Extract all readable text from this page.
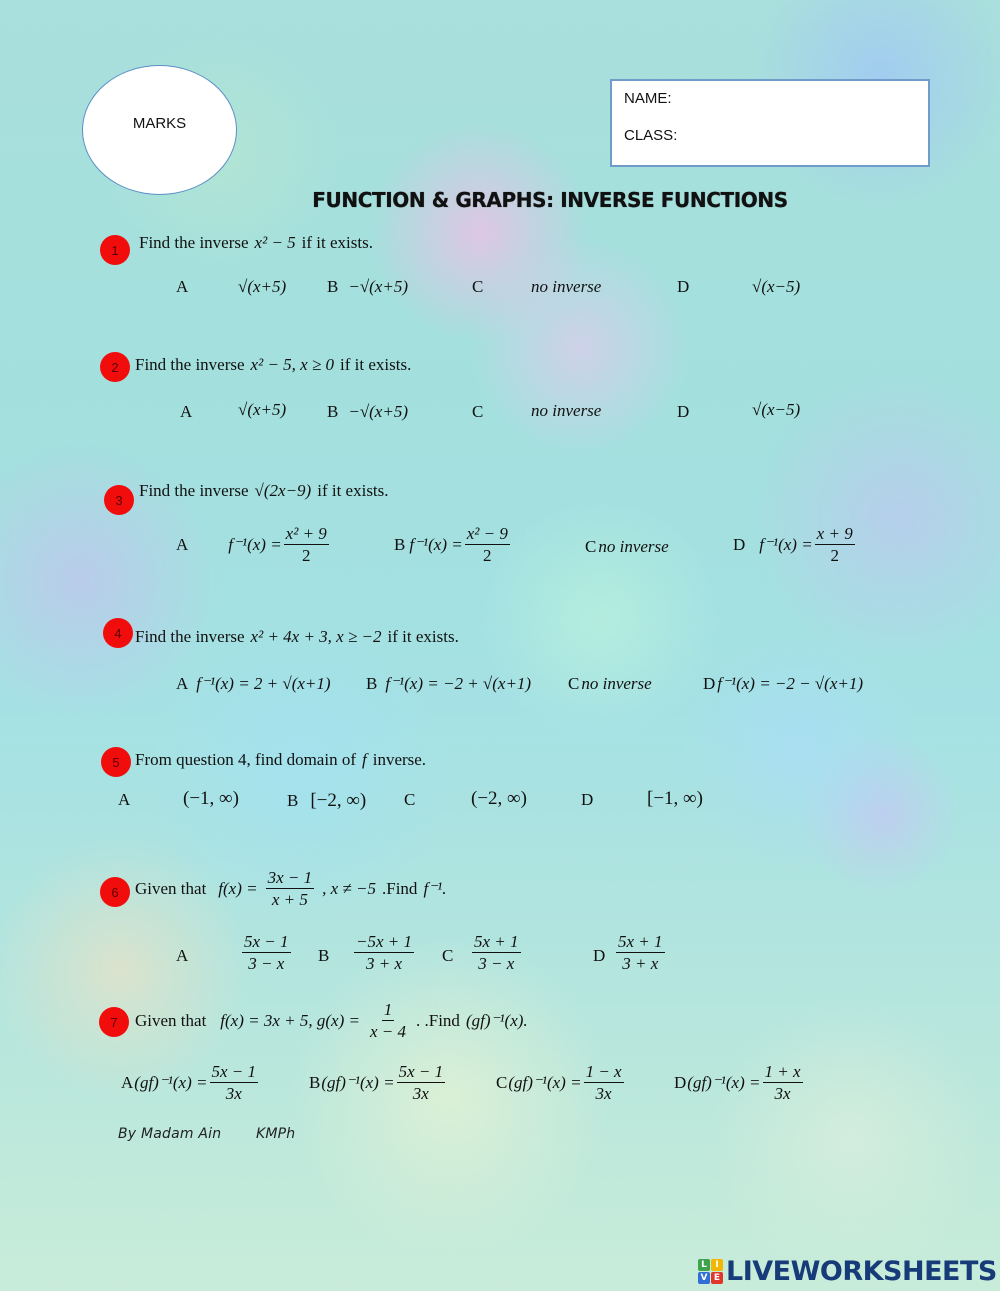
MARKS
NAME:
CLASS:
FUNCTION & GRAPHS: INVERSE FUNCTIONS
1	Find the inverse x² − 5 if it exists.
A	√(x+5) B −√(x+5)	C	no inverse	D	√(x−5)
2 Find the inverse x² − 5, x ≥ 0 if it exists.
A	√(x+5) B −√(x+5)	C	no inverse	D	√(x−5)
3 Find the inverse √(2x−9) if it exists.
A $f^{-1}(x) = \frac{\text{x² + 9}}{2}$	B $f^{-1}(x) = \frac{\text{x² − 9}}{2}$	C no inverse	D $f^{-1}(x) = \frac{x + 9}{2}$
4 Find the inverse x² + 4x + 3, x ≥ −2 if it exists.
A f⁻¹(x) = 2 + √(x+1) B f⁻¹(x) = −2 + √(x+1) C no inverse	D f⁻¹(x) = −2 − √(x+1)
5 From question 4, find domain of f inverse.
A	(−1, ∞)	B [−2, ∞) C	(−2, ∞)	D	[−1, ∞)
6 Given that $f(x) = \frac{3x - 1}{x + 5}$ , x ≠ −5 .Find f⁻¹.
A	$\frac{5x - 1}{3 - x}$ B $\frac{-5x + 1}{3 + x}$ C $\frac{5x + 1}{3 - x}$	D $\frac{5x + 1}{3 + x}$
7	Given that f(x) = 3x + 5, $g(x) = \frac{1}{x - 4}$ . .Find (gf)⁻¹(x).
A $(gf)^{-1}(x) = \frac{5x - 1}{3x}$	B $(gf)^{-1}(x) = \frac{5x - 1}{3x}$	C $(gf)^{-1}(x) = \frac{1 - x}{3x}$	D $(gf)^{-1}(x) = \frac{1 + x}{3x}$
By Madam Ain KMPh
L I
V E LIVEWORKSHEETS
